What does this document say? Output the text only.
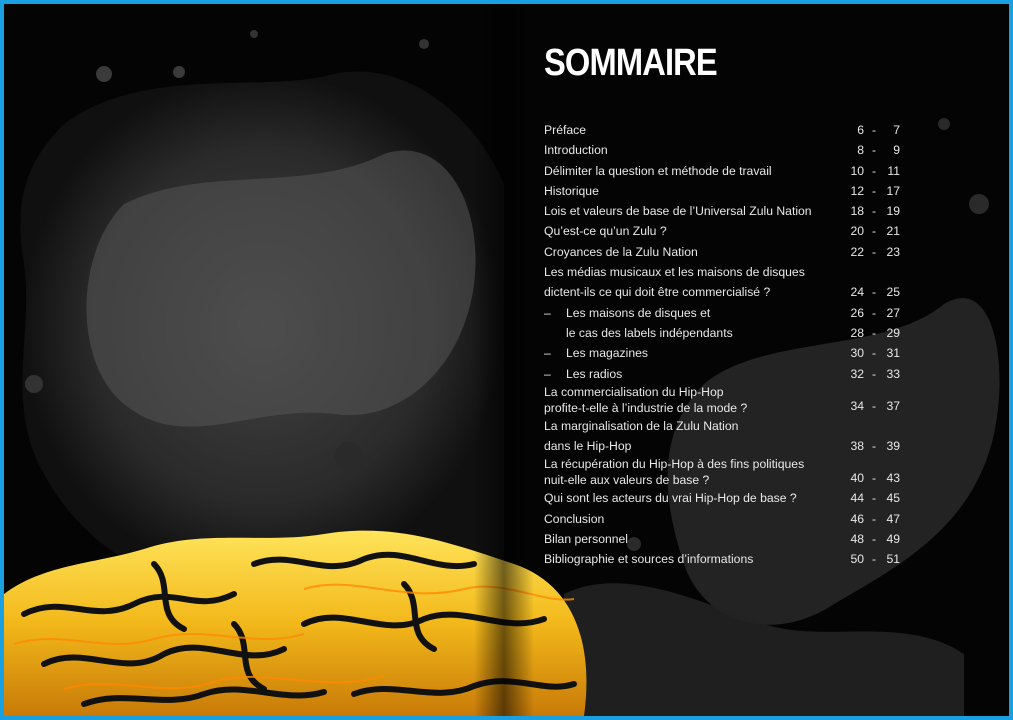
SOMMAIRE
Préface	6 - 7
Introduction	8 - 9
Délimiter la question et méthode de travail	10 - 11
Historique	12 - 17
Lois et valeurs de base de l’Universal Zulu Nation	18 - 19
Qu’est-ce qu’un Zulu ?	20 - 21
Croyances de la Zulu Nation	22 - 23
Les médias musicaux et les maisons de disques
dictent-ils ce qui doit être commercialisé ?	24 - 25
– Les maisons de disques et	26 - 27
le cas des labels indépendants	28 - 29
– Les magazines	30 - 31
– Les radios	32 - 33
La commercialisation du Hip-Hop
profite-t-elle à l’industrie de la mode ?	34 - 37
La marginalisation de la Zulu Nation
dans le Hip-Hop	38 - 39
La récupération du Hip-Hop à des fins politiques
nuit-elle aux valeurs de base ?	40 - 43
Qui sont les acteurs du vrai Hip-Hop de base ?	44 - 45
Conclusion	46 - 47
Bilan personnel	48 - 49
Bibliographie et sources d’informations	50 - 51
